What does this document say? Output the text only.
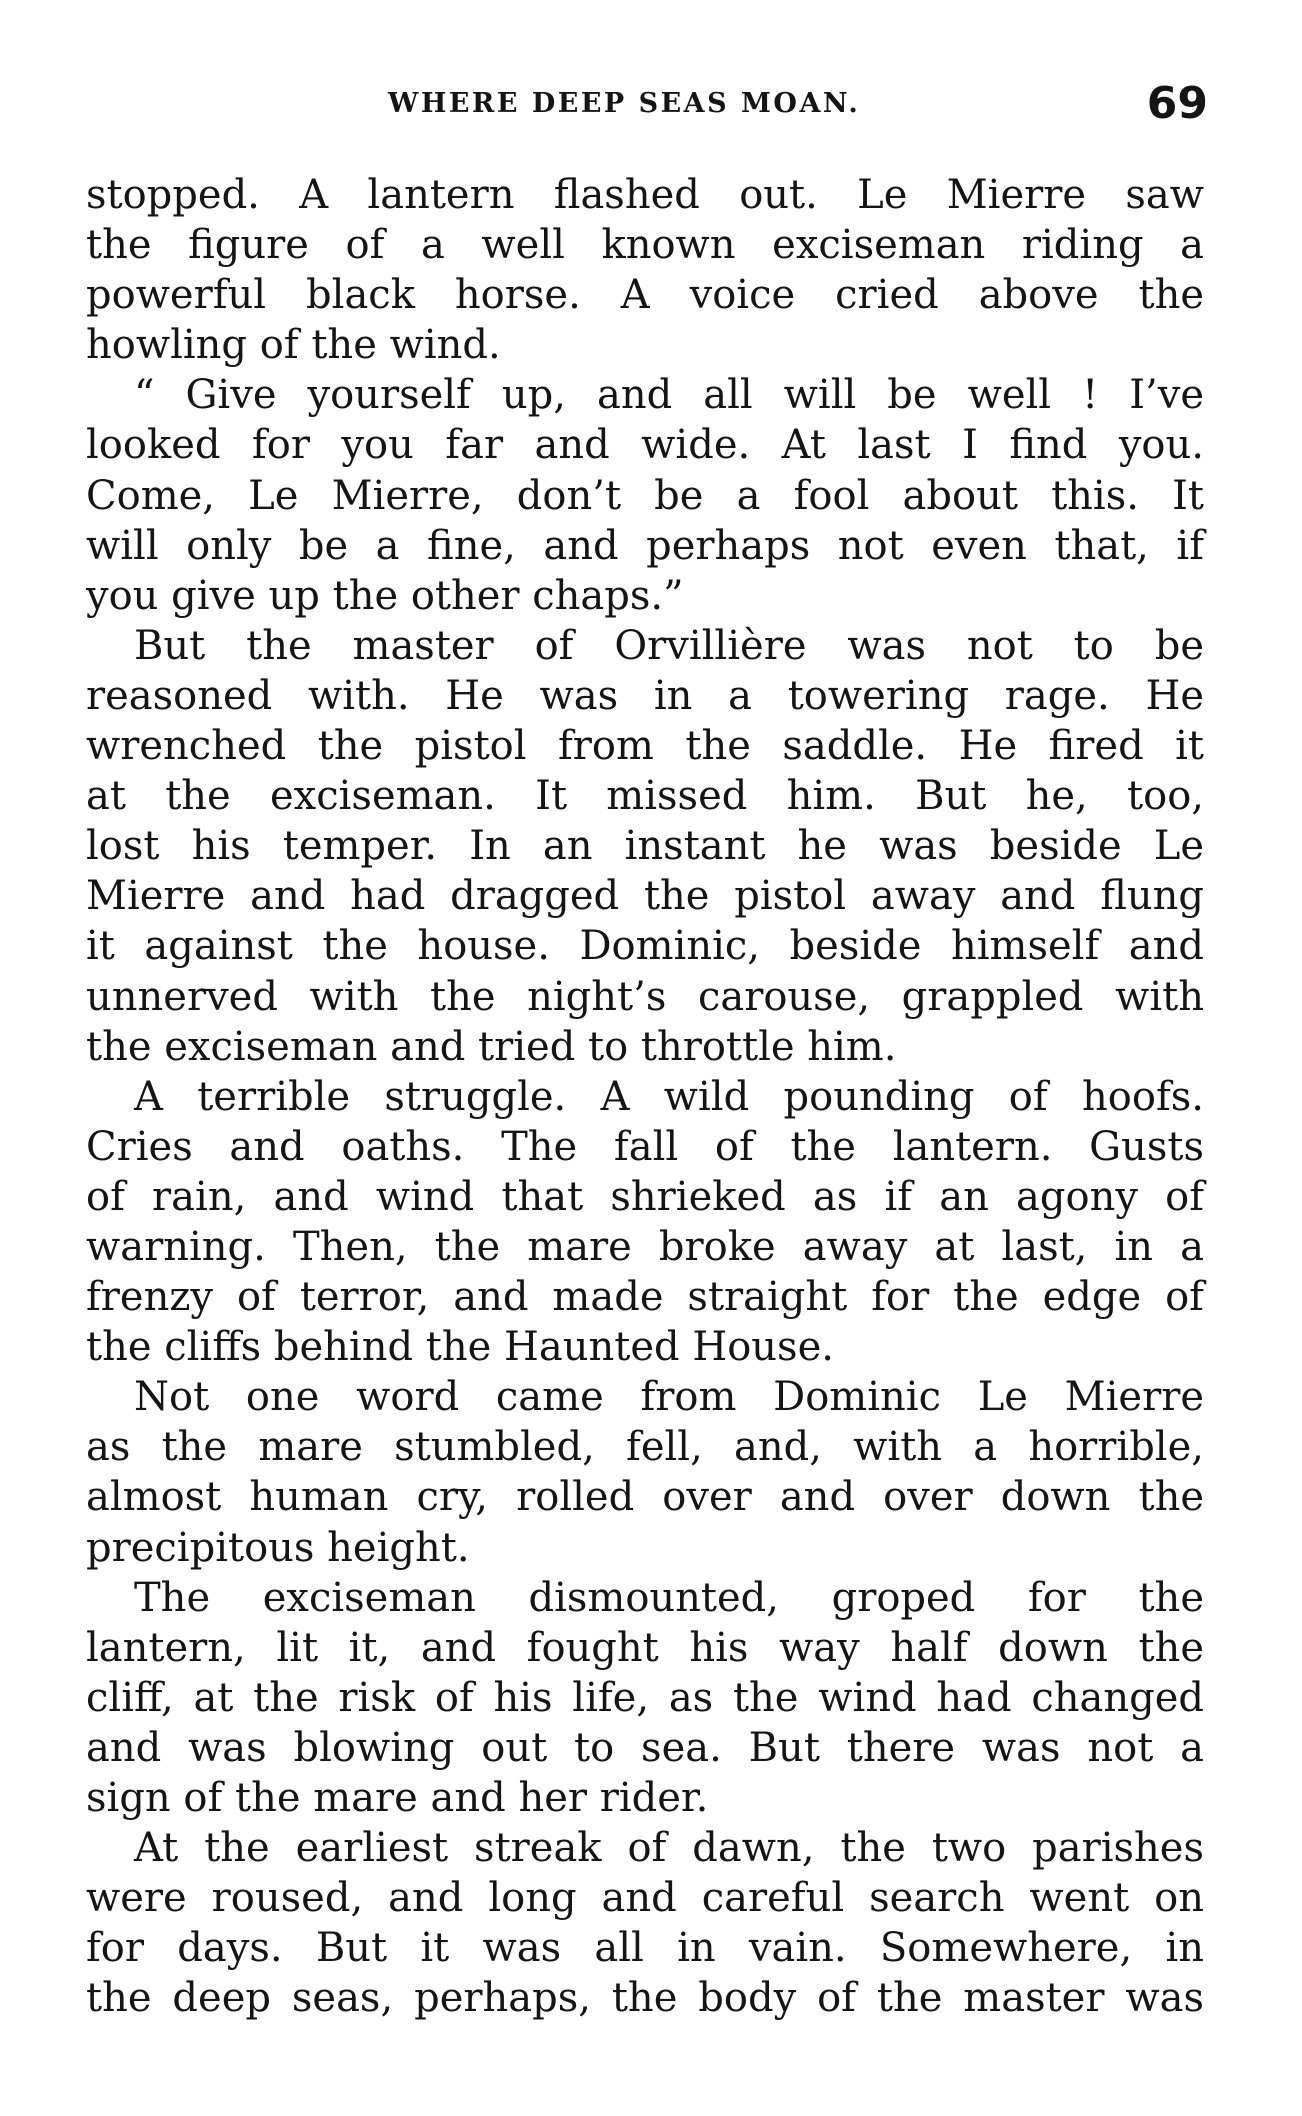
WHERE DEEP SEAS MOAN.	69
stopped. A lantern flashed out. Le Mierre saw
the figure of a well known exciseman riding a
powerful black horse. A voice cried above the
howling of the wind.
“ Give yourself up, and all will be well ! I’ve
looked for you far and wide. At last I find you.
Come, Le Mierre, don’t be a fool about this. It
will only be a fine, and perhaps not even that, if
you give up the other chaps.”
But the master of Orvillière was not to be
reasoned with. He was in a towering rage. He
wrenched the pistol from the saddle. He fired it
at the exciseman. It missed him. But he, too,
lost his temper. In an instant he was beside Le
Mierre and had dragged the pistol away and flung
it against the house. Dominic, beside himself and
unnerved with the night’s carouse, grappled with
the exciseman and tried to throttle him.
A terrible struggle. A wild pounding of hoofs.
Cries and oaths. The fall of the lantern. Gusts
of rain, and wind that shrieked as if an agony of
warning. Then, the mare broke away at last, in a
frenzy of terror, and made straight for the edge of
the cliffs behind the Haunted House.
Not one word came from Dominic Le Mierre
as the mare stumbled, fell, and, with a horrible,
almost human cry, rolled over and over down the
precipitous height.
The exciseman dismounted, groped for the
lantern, lit it, and fought his way half down the
cliff, at the risk of his life, as the wind had changed
and was blowing out to sea. But there was not a
sign of the mare and her rider.
At the earliest streak of dawn, the two parishes
were roused, and long and careful search went on
for days. But it was all in vain. Somewhere, in
the deep seas, perhaps, the body of the master was
